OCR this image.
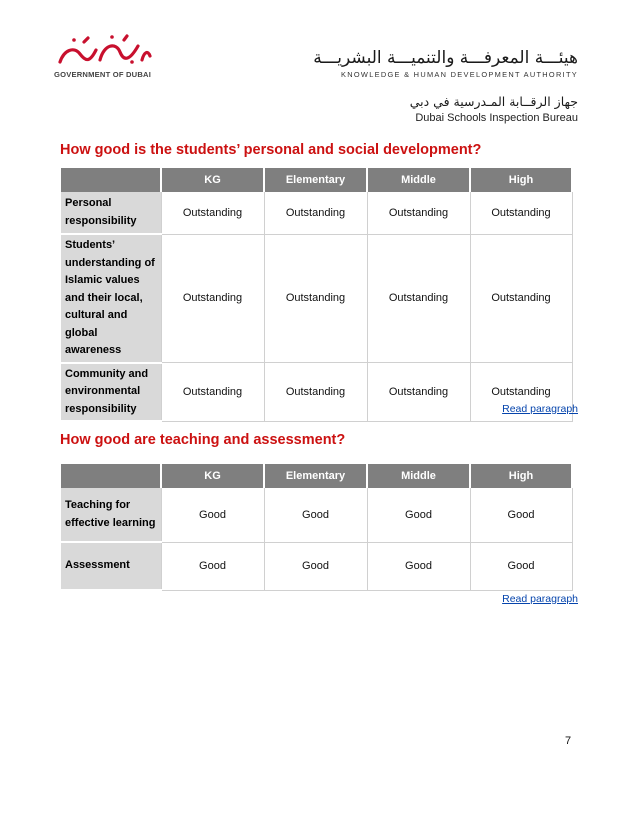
GOVERNMENT OF DUBAI
هيئـــة المعرفـــة والتنميـــة البشريـــة
KNOWLEDGE & HUMAN DEVELOPMENT AUTHORITY
جهاز الرقــابة المـدرسية في دبي
Dubai Schools Inspection Bureau
How good is the students’ personal and social development?
	KG	Elementary	Middle	High
Personal responsibility	Outstanding	Outstanding	Outstanding	Outstanding
Students’ understanding of Islamic values and their local, cultural and global awareness	Outstanding	Outstanding	Outstanding	Outstanding
Community and environmental responsibility	Outstanding	Outstanding	Outstanding	Outstanding
Read paragraph
How good are teaching and assessment?
	KG	Elementary	Middle	High
Teaching for effective learning	Good	Good	Good	Good
Assessment	Good	Good	Good	Good
Read paragraph
7
